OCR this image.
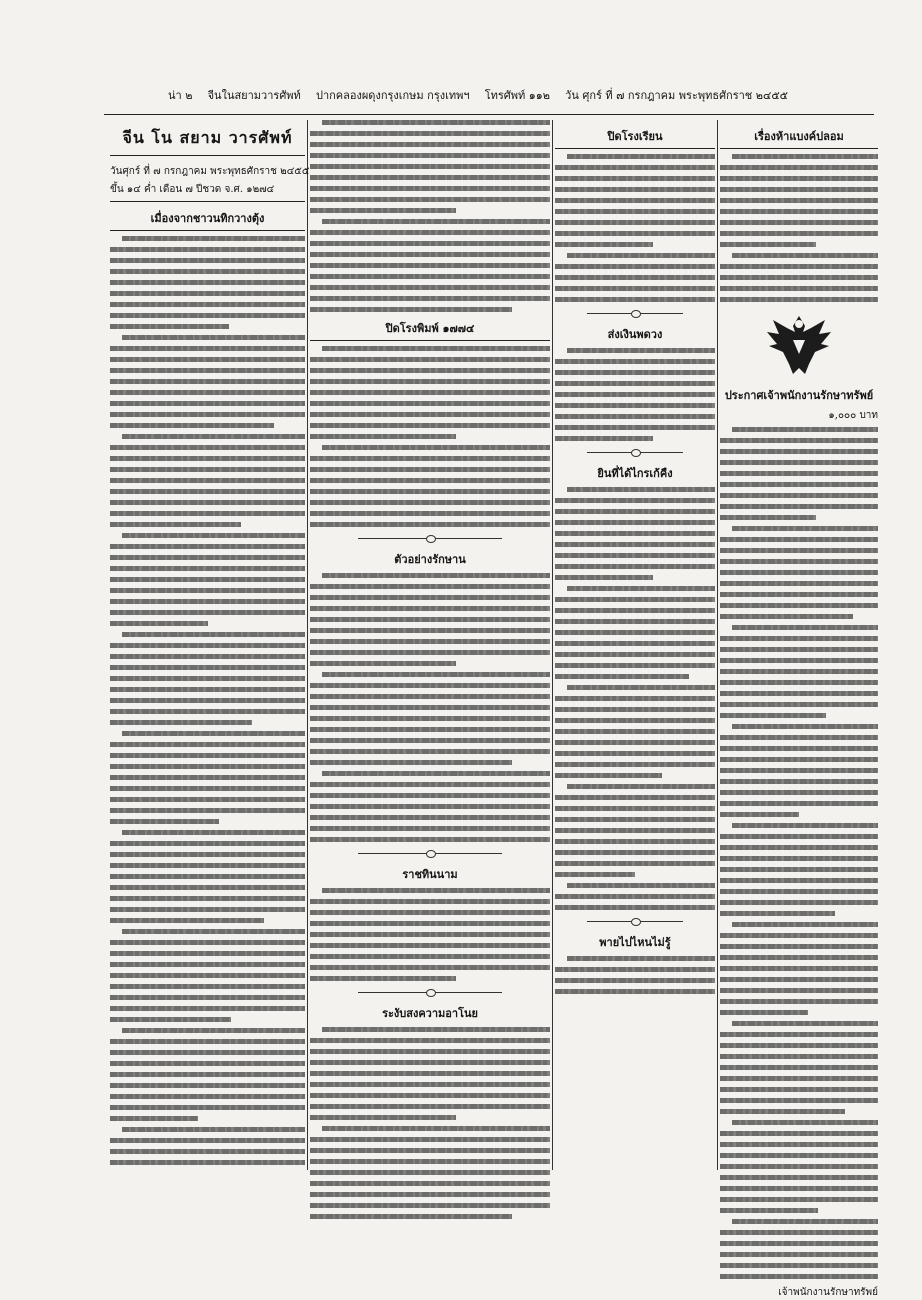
น่า ๒ จีนในสยามวารศัพท์ ปากคลองผดุงกรุงเกษม กรุงเทพฯ โทรศัพท์ ๑๑๒ วัน ศุกร์ ที่ ๗ กรกฎาคม พระพุทธศักราช ๒๔๕๕
จีน โน สยาม วารศัพท์
วันศุกร์ ที่ ๗ กรกฎาคม พระพุทธศักราช ๒๔๕๕
ขึ้น ๑๔ ค่ำ เดือน ๗ ปีชวด จ.ศ. ๑๒๗๔
เมื่องจากชาวนทิกวางตุ้ง
ปิดโรงพิมพ์ ๑๗๗๔
ตัวอย่างรักษาน
ราชทินนาม
ระงับสงความอาโนย
ปิดโรงเรียน
ส่งเงินพดวง
ยินที่ได้ไกรเก้คืง
พายไปไหนไม่รู้
เรื่องห้าแบงค์ปลอม
ประกาศเจ้าพนักงานรักษาทรัพย์
๑,๐๐๐ บาท
เจ้าพนักงานรักษาทรัพย์
